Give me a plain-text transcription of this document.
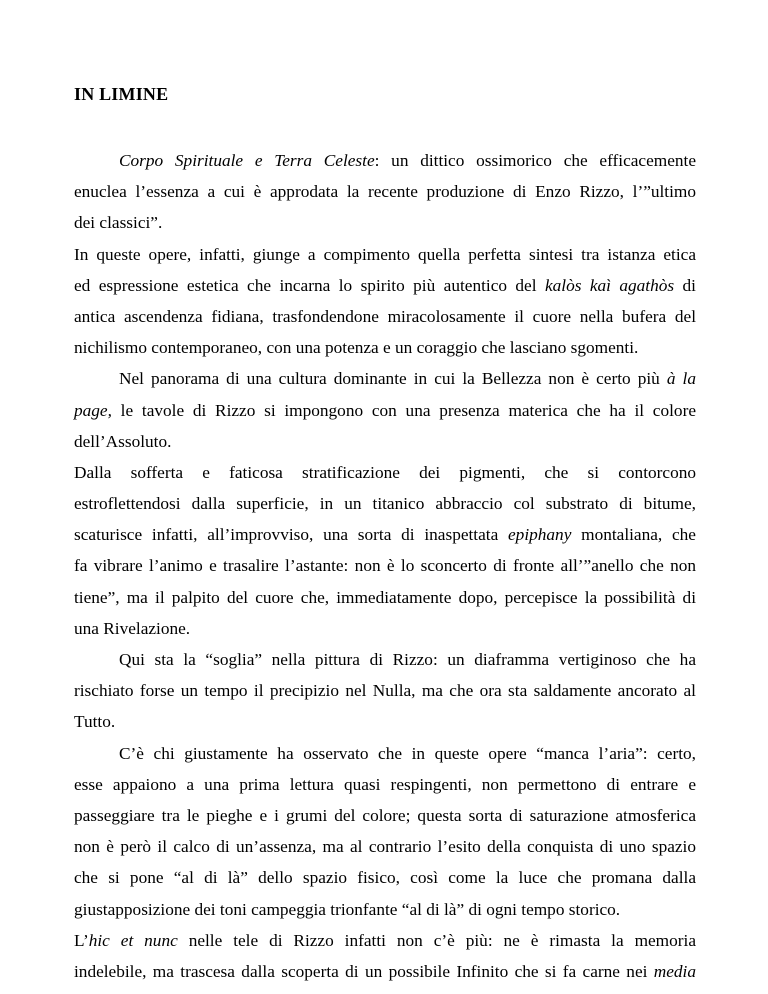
IN LIMINE
Corpo Spirituale e Terra Celeste: un dittico ossimorico che efficacemente
enuclea l’essenza a cui è approdata la recente produzione di Enzo Rizzo, l’”ultimo
dei classici”.
In queste opere, infatti, giunge a compimento quella perfetta sintesi tra istanza etica
ed espressione estetica che incarna lo spirito più autentico del kalòs kaì agathòs di
antica ascendenza fidiana, trasfondendone miracolosamente il cuore nella bufera del
nichilismo contemporaneo, con una potenza e un coraggio che lasciano sgomenti.
Nel panorama di una cultura dominante in cui la Bellezza non è certo più à la
page, le tavole di Rizzo si impongono con una presenza materica che ha il colore
dell’Assoluto.
Dalla sofferta e faticosa stratificazione dei pigmenti, che si contorcono
estroflettendosi dalla superficie, in un titanico abbraccio col substrato di bitume,
scaturisce infatti, all’improvviso, una sorta di inaspettata epiphany montaliana, che
fa vibrare l’animo e trasalire l’astante: non è lo sconcerto di fronte all’”anello che non
tiene”, ma il palpito del cuore che, immediatamente dopo, percepisce la possibilità di
una Rivelazione.
Qui sta la “soglia” nella pittura di Rizzo: un diaframma vertiginoso che ha
rischiato forse un tempo il precipizio nel Nulla, ma che ora sta saldamente ancorato al
Tutto.
C’è chi giustamente ha osservato che in queste opere “manca l’aria”: certo,
esse appaiono a una prima lettura quasi respingenti, non permettono di entrare e
passeggiare tra le pieghe e i grumi del colore; questa sorta di saturazione atmosferica
non è però il calco di un’assenza, ma al contrario l’esito della conquista di uno spazio
che si pone “al di là” dello spazio fisico, così come la luce che promana dalla
giustapposizione dei toni campeggia trionfante “al di là” di ogni tempo storico.
L’hic et nunc nelle tele di Rizzo infatti non c’è più: ne è rimasta la memoria
indelebile, ma trascesa dalla scoperta di un possibile Infinito che si fa carne nei media
